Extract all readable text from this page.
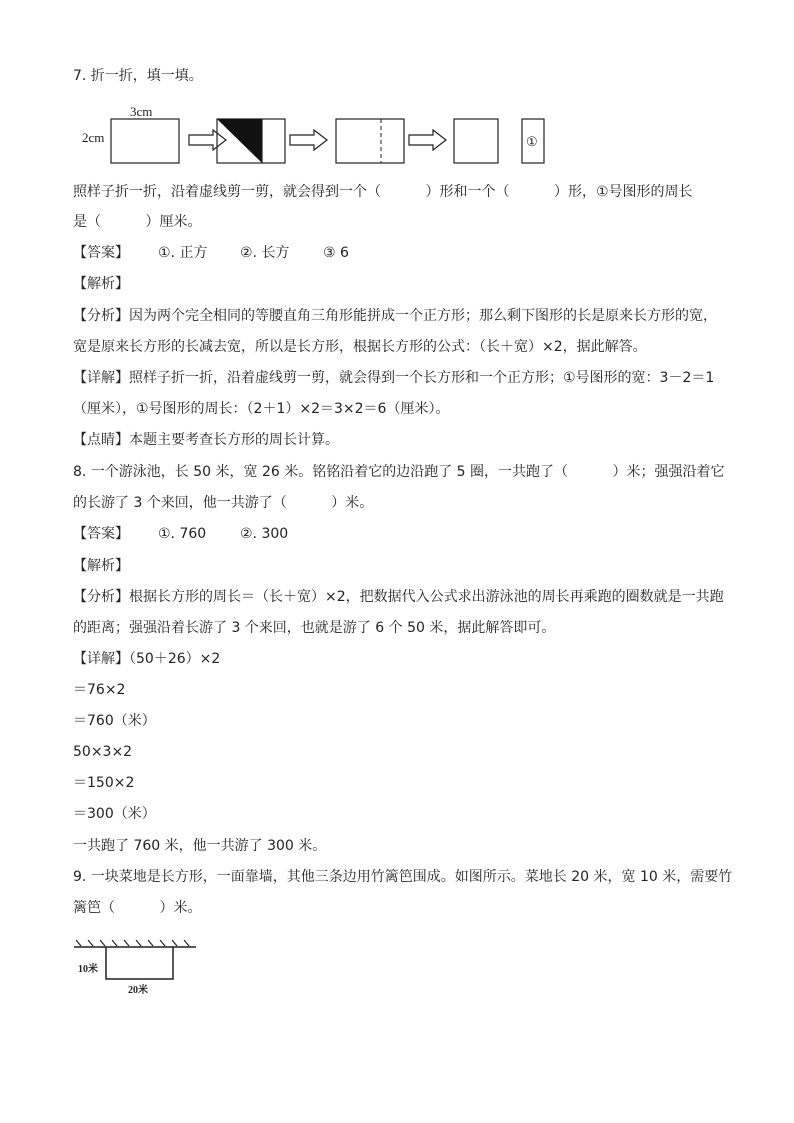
7. 折一折，填一填。
3cm
2cm	①
照样子折一折，沿着虚线剪一剪，就会得到一个（          ）形和一个（          ）形，①号图形的周长
是（          ）厘米。

【答案】

①. 正方

②. 长方

③ 6

【解析】
【分析】因为两个完全相同的等腰直角三角形能拼成一个正方形；那么剩下图形的长是原来长方形的宽，
宽是原来长方形的长减去宽，所以是长方形，根据长方形的公式：（长＋宽）×2，据此解答。
【详解】照样子折一折，沿着虚线剪一剪，就会得到一个长方形和一个正方形；①号图形的宽：3－2＝1
（厘米），①号图形的周长：（2＋1）×2＝3×2＝6（厘米）。
【点睛】本题主要考查长方形的周长计算。
8. 一个游泳池，长 50 米，宽 26 米。铭铭沿着它的边沿跑了 5 圈，一共跑了（          ）米；强强沿着它
的长游了 3 个来回，他一共游了（          ）米。

【答案】

①. 760

②. 300

【解析】
【分析】根据长方形的周长＝（长＋宽）×2，把数据代入公式求出游泳池的周长再乘跑的圈数就是一共跑
的距离；强强沿着长游了 3 个来回，也就是游了 6 个 50 米，据此解答即可。
【详解】（50＋26）×2
＝76×2
＝760（米）
50×3×2
＝150×2
＝300（米）
一共跑了 760 米，他一共游了 300 米。
9. 一块菜地是长方形，一面靠墙，其他三条边用竹篱笆围成。如图所示。菜地长 20 米，宽 10 米，需要竹
篱笆（          ）米。
10米
20米
